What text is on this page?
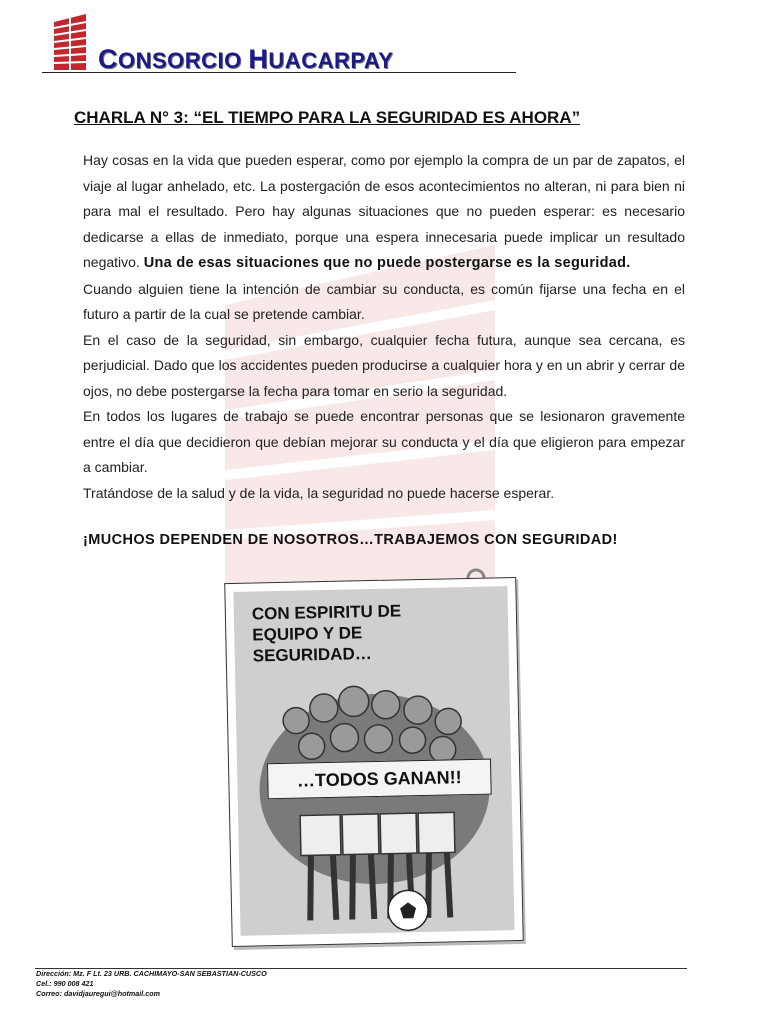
CONSORCIO HUACARPAY
CHARLA N° 3: “EL TIEMPO PARA LA SEGURIDAD ES AHORA”

Hay cosas en la vida que pueden esperar, como por ejemplo la compra de un par de zapatos, el viaje al lugar anhelado, etc. La postergación de esos acontecimientos no alteran, ni para bien ni para mal el resultado. Pero hay algunas situaciones que no pueden esperar: es necesario dedicarse a ellas de inmediato, porque una espera innecesaria puede implicar un resultado negativo. Una de esas situaciones que no puede postergarse es la seguridad.

Cuando alguien tiene la intención de cambiar su conducta, es común fijarse una fecha en el futuro a partir de la cual se pretende cambiar.

En el caso de la seguridad, sin embargo, cualquier fecha futura, aunque sea cercana, es perjudicial. Dado que los accidentes pueden producirse a cualquier hora y en un abrir y cerrar de ojos, no debe postergarse la fecha para tomar en serio la seguridad.

En todos los lugares de trabajo se puede encontrar personas que se lesionaron gravemente entre el día que decidieron que debían mejorar su conducta y el día que eligieron para empezar a cambiar.

Tratándose de la salud y de la vida, la seguridad no puede hacerse esperar.

¡MUCHOS DEPENDEN DE NOSOTROS…TRABAJEMOS CON SEGURIDAD!
CON ESPIRITU DE
EQUIPO Y DE
SEGURIDAD…
…TODOS GANAN!!
Dirección: Mz. F Lt. 23 URB. CACHIMAYO-SAN SEBASTIAN-CUSCO
Cel.: 990 008 421
Correo: davidjauregui@hotmail.com
